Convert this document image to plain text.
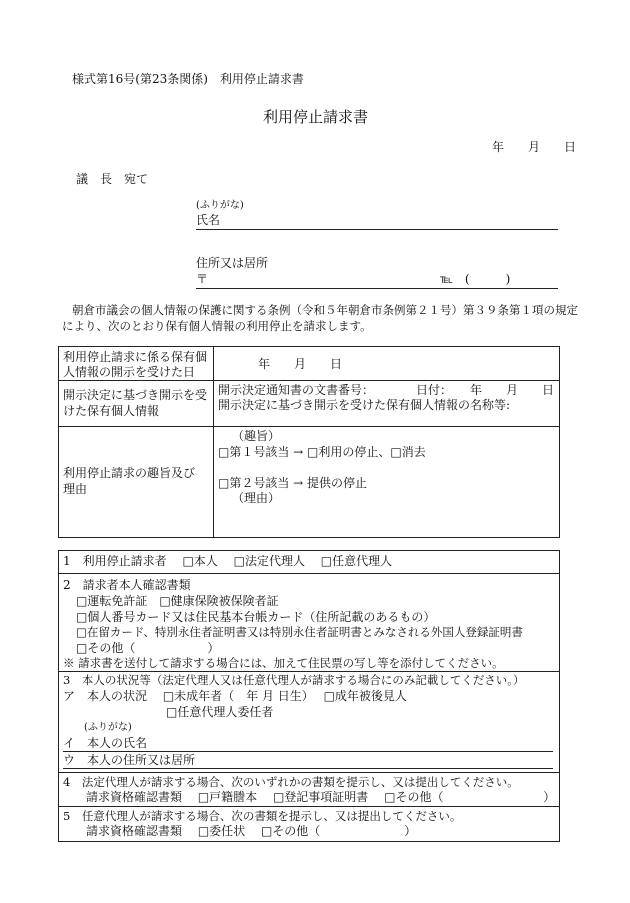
様式第16号(第23条関係)　利用停止請求書
利用停止請求書
年　　月　　日
議　長　宛て
(ふりがな)
氏名
住所又は居所
〒	℡　(　　　)
朝倉市議会の個人情報の保護に関する条例（令和５年朝倉市条例第２１号）第３９条第１項の規定
により、次のとおり保有個人情報の利用停止を請求します。
利用停止請求に係る保有個
人情報の開示を受けた日
年　　月　　日
開示決定に基づき開示を受
けた保有個人情報
開示決定通知書の文書番号：　　　　日付：　　年　　月　　日
開示決定に基づき開示を受けた保有個人情報の名称等:
利用停止請求の趣旨及び
理由
（趣旨）
□第１号該当 → □利用の停止、□消去
□第２号該当 → 提供の停止
（理由）
1　利用停止請求者　 □本人　 □法定代理人　 □任意代理人
2　請求者本人確認書類
□運転免許証　□健康保険被保険者証
□個人番号カード又は住民基本台帳カード（住所記載のあるもの）
□在留カード、特別永住者証明書又は特別永住者証明書とみなされる外国人登録証明書
□その他（　　　　　　）
※ 請求書を送付して請求する場合には、加えて住民票の写し等を添付してください。
3　本人の状況等（法定代理人又は任意代理人が請求する場合にのみ記載してください。）
ア　本人の状況　 □未成年者（　年 月 日生）　 □成年被後見人
□任意代理人委任者
(ふりがな)
イ　本人の氏名
ウ　本人の住所又は居所
4　法定代理人が請求する場合、次のいずれかの書類を提示し、又は提出してください。
請求資格確認書類　 □戸籍謄本　 □登記事項証明書　 □その他（　　　　　　　　 ）
5　任意代理人が請求する場合、次の書類を提示し、又は提出してください。
請求資格確認書類　 □委任状　 □その他（　　　　　　　）
